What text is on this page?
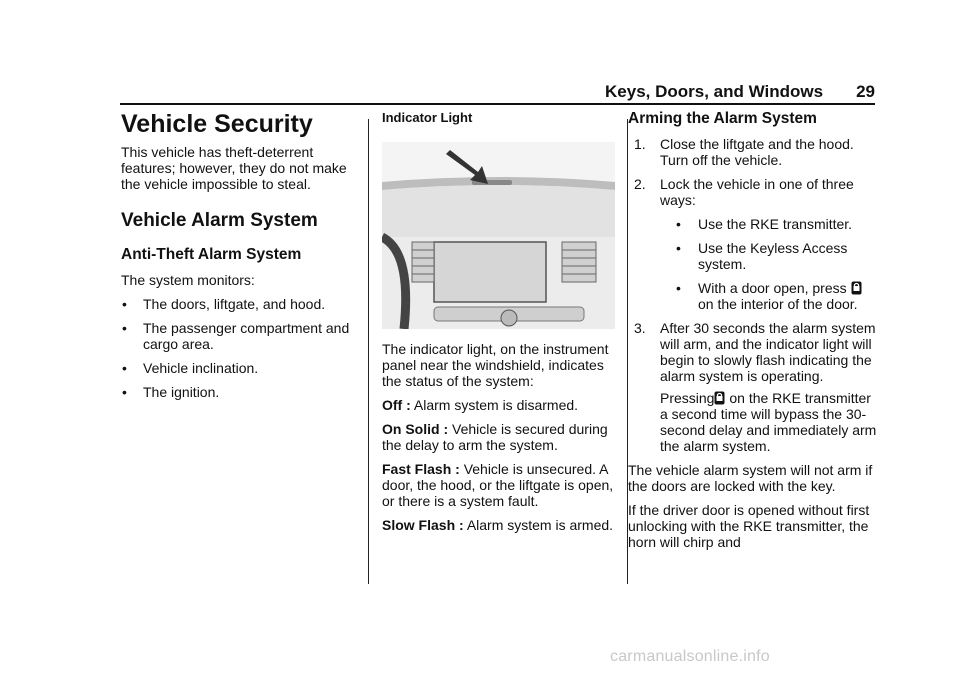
Keys, Doors, and Windows 29
Vehicle Security

This vehicle has theft-deterrent features; however, they do not make the vehicle impossible to steal.

Vehicle Alarm System
Anti-Theft Alarm System

The system monitors:

• The doors, liftgate, and hood.
• The passenger compartment and cargo area.
• Vehicle inclination.
• The ignition.
Indicator Light

The indicator light, on the instrument panel near the windshield, indicates the status of the system:

Off : Alarm system is disarmed.

On Solid : Vehicle is secured during the delay to arm the system.

Fast Flash : Vehicle is unsecured. A door, the hood, or the liftgate is open, or there is a system fault.

Slow Flash : Alarm system is armed.

Arming the Alarm System
1. Close the liftgate and the hood. Turn off the vehicle.
2. Lock the vehicle in one of three ways:
• Use the RKE transmitter.
• Use the Keyless Access system.
• With a door open, press
on the interior of the door.
3. After 30 seconds the alarm system will arm, and the indicator light will begin to slowly flash indicating the alarm system is operating.
Pressing on the RKE transmitter a second time will bypass the 30-second delay and immediately arm the alarm system.

The vehicle alarm system will not arm if the doors are locked with the key.

If the driver door is opened without first unlocking with the RKE transmitter, the horn will chirp and

carmanualsonline.info
